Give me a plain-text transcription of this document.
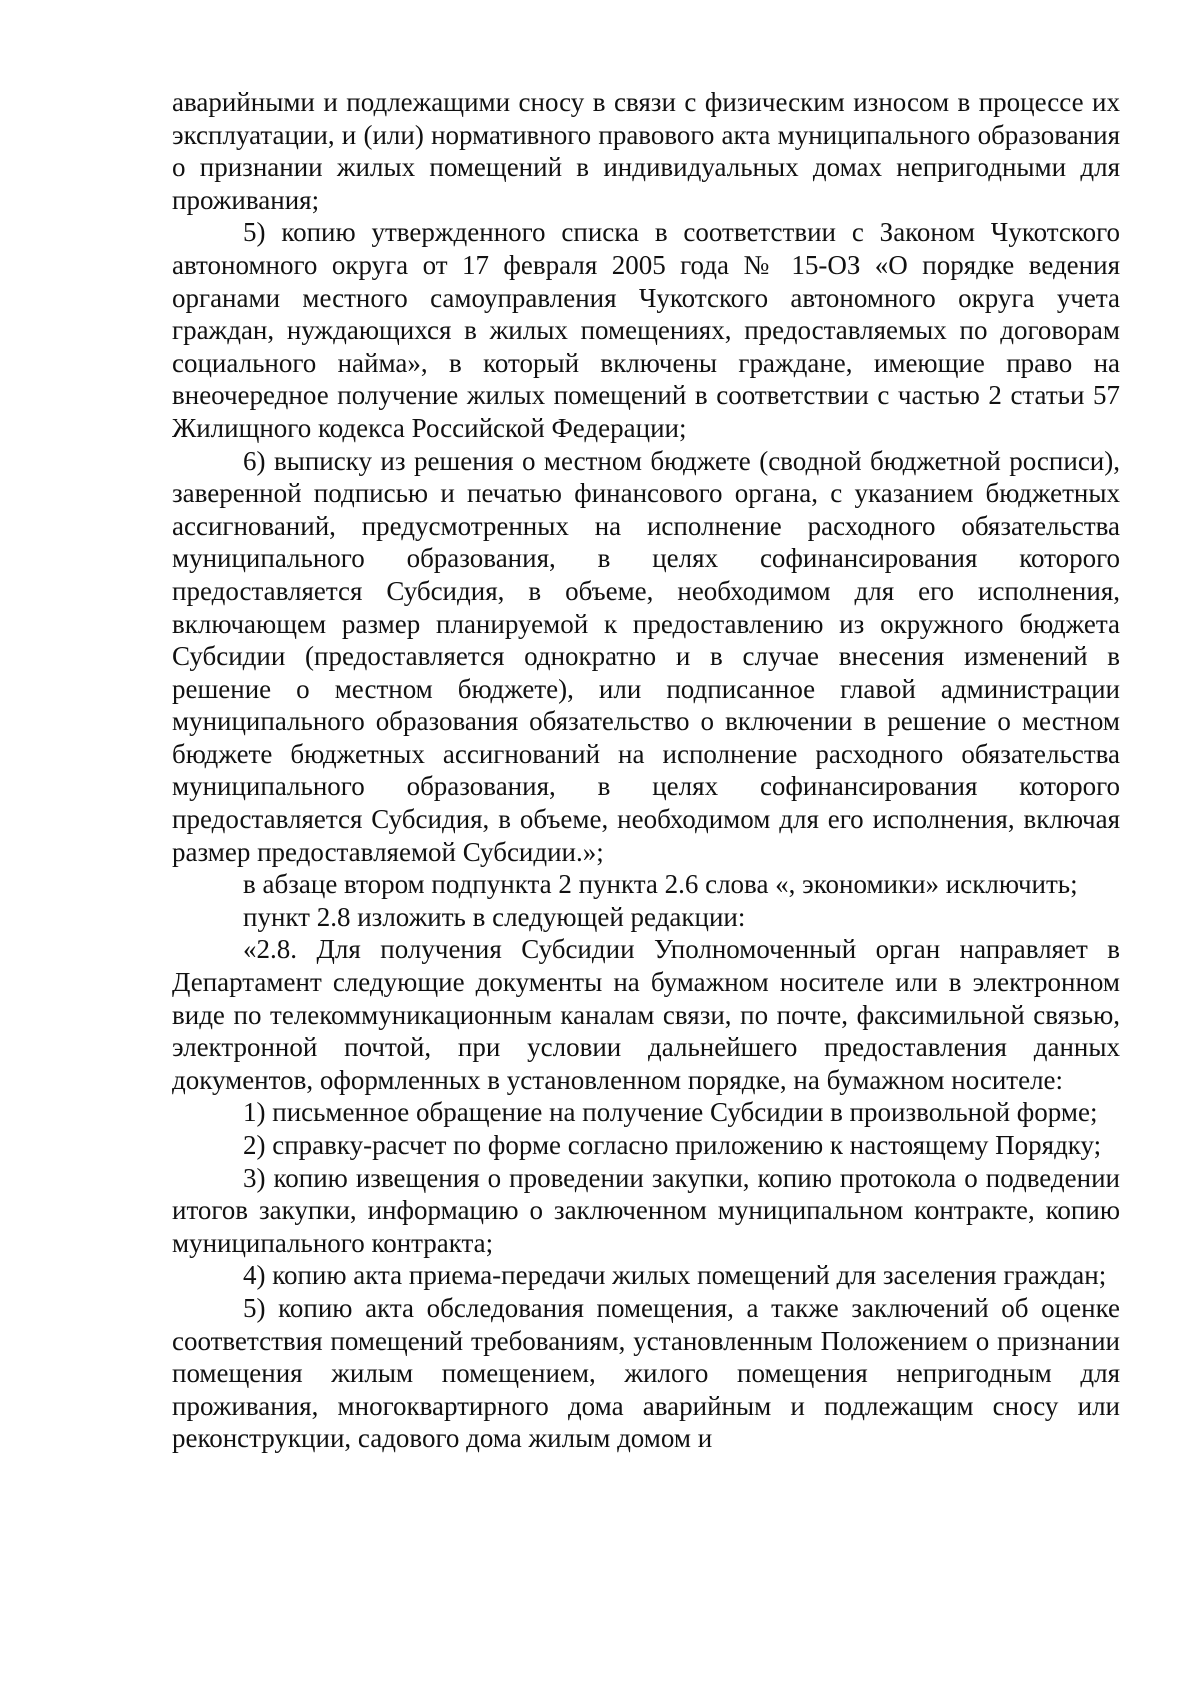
аварийными и подлежащими сносу в связи с физическим износом в процессе их эксплуатации, и (или) нормативного правового акта муниципального образования о признании жилых помещений в индивидуальных домах непригодными для проживания;

5) копию утвержденного списка в соответствии с Законом Чукотского автономного округа от 17 февраля 2005 года № 15-ОЗ «О порядке ведения органами местного самоуправления Чукотского автономного округа учета граждан, нуждающихся в жилых помещениях, предоставляемых по договорам социального найма», в который включены граждане, имеющие право на внеочередное получение жилых помещений в соответствии с частью 2 статьи 57 Жилищного кодекса Российской Федерации;

6) выписку из решения о местном бюджете (сводной бюджетной росписи), заверенной подписью и печатью финансового органа, с указанием бюджетных ассигнований, предусмотренных на исполнение расходного обязательства муниципального образования, в целях софинансирования которого предоставляется Субсидия, в объеме, необходимом для его исполнения, включающем размер планируемой к предоставлению из окружного бюджета Субсидии (предоставляется однократно и в случае внесения изменений в решение о местном бюджете), или подписанное главой администрации муниципального образования обязательство о включении в решение о местном бюджете бюджетных ассигнований на исполнение расходного обязательства муниципального образования, в целях софинансирования которого предоставляется Субсидия, в объеме, необходимом для его исполнения, включая размер предоставляемой Субсидии.»;

в абзаце втором подпункта 2 пункта 2.6 слова «, экономики» исключить;

пункт 2.8 изложить в следующей редакции:

«2.8. Для получения Субсидии Уполномоченный орган направляет в Департамент следующие документы на бумажном носителе или в электронном виде по телекоммуникационным каналам связи, по почте, факсимильной связью, электронной почтой, при условии дальнейшего предоставления данных документов, оформленных в установленном порядке, на бумажном носителе:

1) письменное обращение на получение Субсидии в произвольной форме;

2) справку-расчет по форме согласно приложению к настоящему Порядку;

3) копию извещения о проведении закупки, копию протокола о подведении итогов закупки, информацию о заключенном муниципальном контракте, копию муниципального контракта;

4) копию акта приема-передачи жилых помещений для заселения граждан;

5) копию акта обследования помещения, а также заключений об оценке соответствия помещений требованиям, установленным Положением о признании помещения жилым помещением, жилого помещения непригодным для проживания, многоквартирного дома аварийным и подлежащим сносу или реконструкции, садового дома жилым домом и
